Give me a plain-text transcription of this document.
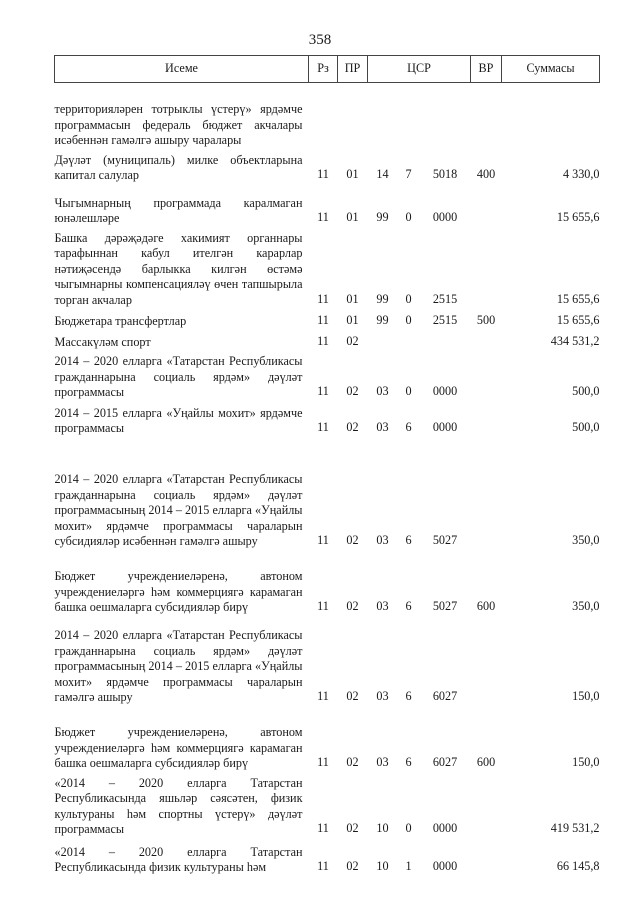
358
Исеме	Рз	ПР	ЦСР			ВР	Суммасы
территорияләрен тотрыклы үстерү» ярдәмче программасын федераль бюджет акчалары исәбеннән гамәлгә ашыру чаралары							
Дәүләт (муниципаль) милке объектларына капитал салулар	11	01	14	7	5018	400	4 330,0
Чыгымнарның программада каралмаган юнәлешләре	11	01	99	0	0000		15 655,6
Башка дәрәҗәдәге хакимият органнары тарафыннан кабул ителгән карарлар нәтиҗәсендә барлыкка килгән өстәмә чыгымнарны компенсацияләү өчен тапшырыла торган акчалар	11	01	99	0	2515		15 655,6
Бюджетара трансфертлар	11	01	99	0	2515	500	15 655,6
Массакүләм спорт	11	02					434 531,2
2014 – 2020 елларга «Татарстан Республикасы гражданнарына социаль ярдәм» дәүләт программасы	11	02	03	0	0000		500,0
2014 – 2015 елларга «Уңайлы мохит» ярдәмче программасы	11	02	03	6	0000		500,0
2014 – 2020 елларга «Татарстан Республикасы гражданнарына социаль ярдәм» дәүләт программасының 2014 – 2015 елларга «Уңайлы мохит» ярдәмче программасы чараларын субсидияләр исәбеннән гамәлгә ашыру	11	02	03	6	5027		350,0
Бюджет учреждениеләренә, автоном учреждениеләргә һәм коммерциягә карамаган башка оешмаларга субсидияләр бирү	11	02	03	6	5027	600	350,0
2014 – 2020 елларга «Татарстан Республикасы гражданнарына социаль ярдәм» дәүләт программасының 2014 – 2015 елларга «Уңайлы мохит» ярдәмче программасы чараларын гамәлгә ашыру	11	02	03	6	6027		150,0
Бюджет учреждениеләренә, автоном учреждениеләргә һәм коммерциягә карамаган башка оешмаларга субсидияләр бирү	11	02	03	6	6027	600	150,0
«2014 – 2020 елларга Татарстан Республикасында яшьләр сәясәтен, физик культураны һәм спортны үстерү» дәүләт программасы	11	02	10	0	0000		419 531,2
«2014 – 2020 елларга Татарстан Республикасында физик культураны һәм	11	02	10	1	0000		66 145,8
